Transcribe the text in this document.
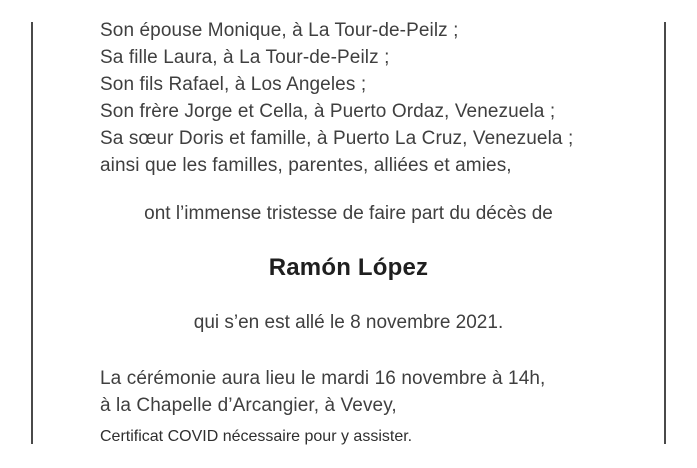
Son épouse Monique, à La Tour-de-Peilz ;
Sa fille Laura, à La Tour-de-Peilz ;
Son fils Rafael, à Los Angeles ;
Son frère Jorge et Cella, à Puerto Ordaz, Venezuela ;
Sa sœur Doris et famille, à Puerto La Cruz, Venezuela ;
ainsi que les familles, parentes, alliées et amies,
ont l’immense tristesse de faire part du décès de
Ramón López
qui s’en est allé le 8 novembre 2021.
La cérémonie aura lieu le mardi 16 novembre à 14h,
à la Chapelle d’Arcangier, à Vevey,
Certificat COVID nécessaire pour y assister.
